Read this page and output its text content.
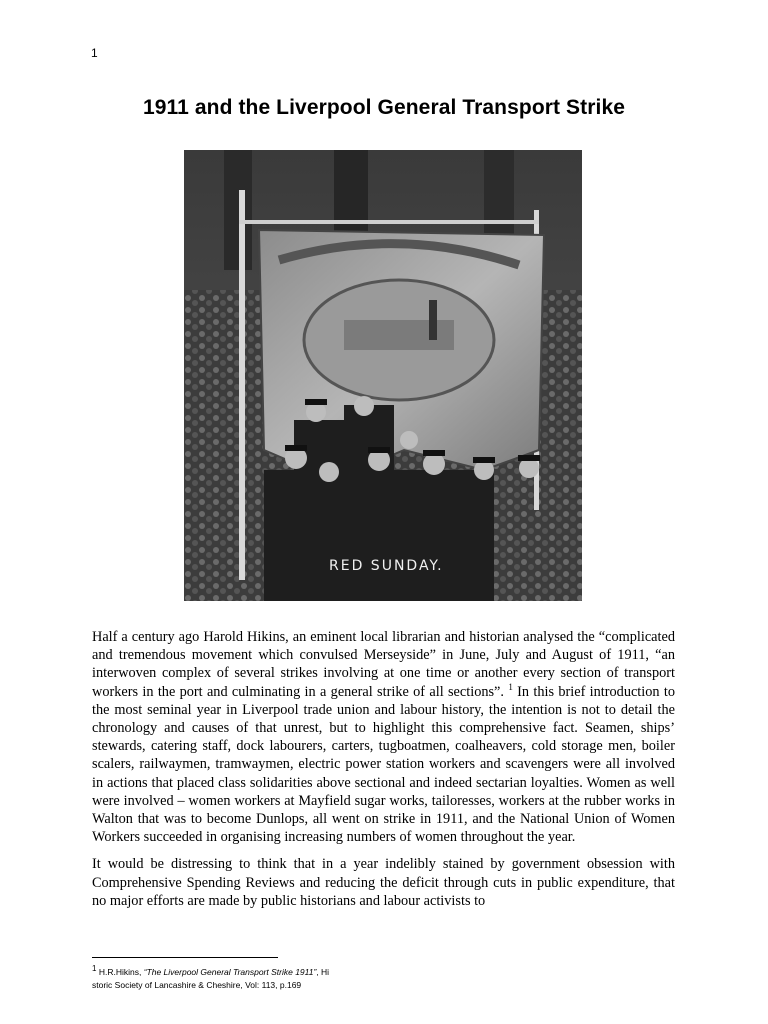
1
1911 and the Liverpool General Transport Strike
RED SUNDAY.

Half a century ago Harold Hikins, an eminent local librarian and historian analysed the “complicated and tremendous movement which convulsed Merseyside” in June, July and August of 1911, “an interwoven complex of several strikes involving at one time or another every section of transport workers in the port and culminating in a general strike of all sections”. $^1$ In this brief introduction to the most seminal year in Liverpool trade union and labour history, the intention is not to detail the chronology and causes of that unrest, but to highlight this comprehensive fact. Seamen, ships’ stewards, catering staff, dock labourers, carters, tugboatmen, coalheavers, cold storage men, boiler scalers, railwaymen, tramwaymen, electric power station workers and scavengers were all involved in actions that placed class solidarities above sectional and indeed sectarian loyalties. Women as well were involved – women workers at Mayfield sugar works, tailoresses, workers at the rubber works in Walton that was to become Dunlops, all went on strike in 1911, and the National Union of Women Workers succeeded in organising increasing numbers of women throughout the year.

It would be distressing to think that in a year indelibly stained by government obsession with Comprehensive Spending Reviews and reducing the deficit through cuts in public expenditure, that no major efforts are made by public historians and labour activists to

1 H.R.Hikins, “The Liverpool General Transport Strike 1911”, Hi
storic Society of Lancashire & Cheshire, Vol: 113, p.169
